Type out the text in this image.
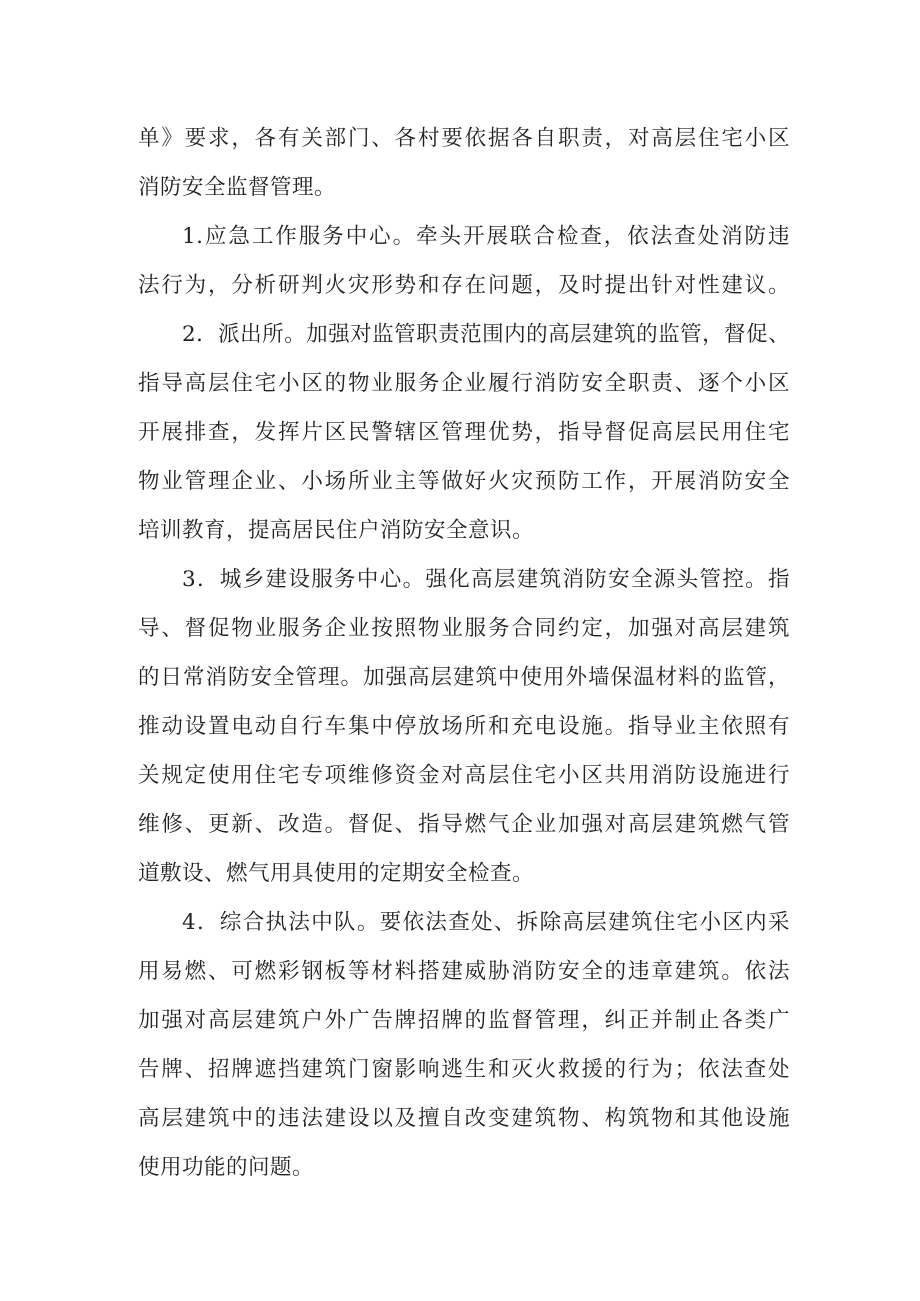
单》要求，各有关部门、各村要依据各自职责，对高层住宅小区
消防安全监督管理。
1.应急工作服务中心。牵头开展联合检查，依法查处消防违
法行为，分析研判火灾形势和存在问题，及时提出针对性建议。
2．派出所。加强对监管职责范围内的高层建筑的监管，督促、
指导高层住宅小区的物业服务企业履行消防安全职责、逐个小区
开展排查，发挥片区民警辖区管理优势，指导督促高层民用住宅
物业管理企业、小场所业主等做好火灾预防工作，开展消防安全
培训教育，提高居民住户消防安全意识。
3．城乡建设服务中心。强化高层建筑消防安全源头管控。指
导、督促物业服务企业按照物业服务合同约定，加强对高层建筑
的日常消防安全管理。加强高层建筑中使用外墙保温材料的监管，
推动设置电动自行车集中停放场所和充电设施。指导业主依照有
关规定使用住宅专项维修资金对高层住宅小区共用消防设施进行
维修、更新、改造。督促、指导燃气企业加强对高层建筑燃气管
道敷设、燃气用具使用的定期安全检查。
4．综合执法中队。要依法查处、拆除高层建筑住宅小区内采
用易燃、可燃彩钢板等材料搭建威胁消防安全的违章建筑。依法
加强对高层建筑户外广告牌招牌的监督管理，纠正并制止各类广
告牌、招牌遮挡建筑门窗影响逃生和灭火救援的行为；依法查处
高层建筑中的违法建设以及擅自改变建筑物、构筑物和其他设施
使用功能的问题。
